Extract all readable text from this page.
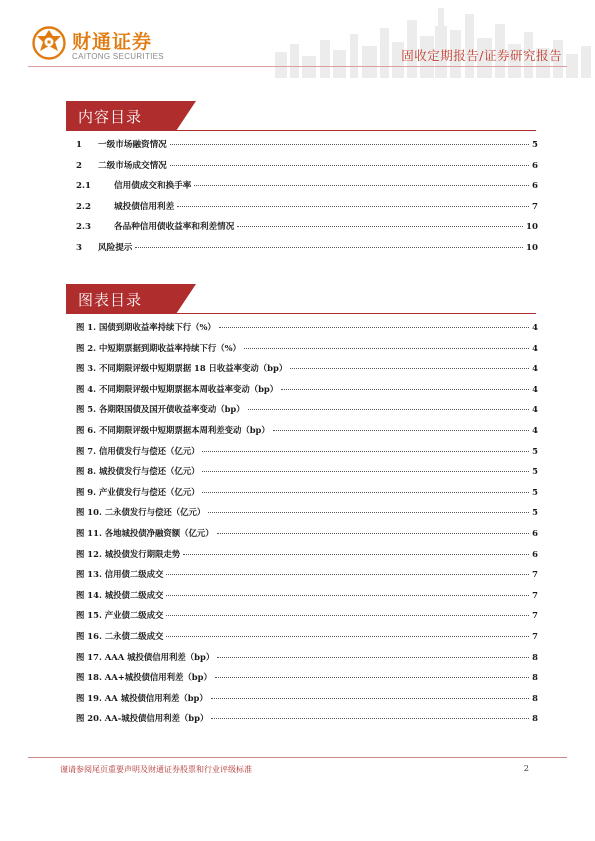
财通证券
CAITONG SECURITIES	固收定期报告/证券研究报告
内容目录
1	一级市场融资情况	5
2	二级市场成交情况	6
2.1	信用债成交和换手率	6
2.2	城投债信用利差	7
2.3	各品种信用债收益率和利差情况	10
3	风险提示	10
图表目录
图 1. 国债到期收益率持续下行（%）	4
图 2. 中短期票据到期收益率持续下行（%）	4
图 3. 不同期限评级中短期票据 18 日收益率变动（bp）	4
图 4. 不同期限评级中短期票据本周收益率变动（bp）	4
图 5. 各期限国债及国开债收益率变动（bp）	4
图 6. 不同期限评级中短期票据本周利差变动（bp）	4
图 7. 信用债发行与偿还（亿元）	5
图 8. 城投债发行与偿还（亿元）	5
图 9. 产业债发行与偿还（亿元）	5
图 10. 二永债发行与偿还（亿元）	5
图 11. 各地城投债净融资额（亿元）	6
图 12. 城投债发行期限走势	6
图 13. 信用债二级成交	7
图 14. 城投债二级成交	7
图 15. 产业债二级成交	7
图 16. 二永债二级成交	7
图 17. AAA 城投债信用利差（bp）	8
图 18. AA+城投债信用利差（bp）	8
图 19. AA 城投债信用利差（bp）	8
图 20. AA-城投债信用利差（bp）	8
谨请参阅尾页重要声明及财通证券股票和行业评级标准	2
